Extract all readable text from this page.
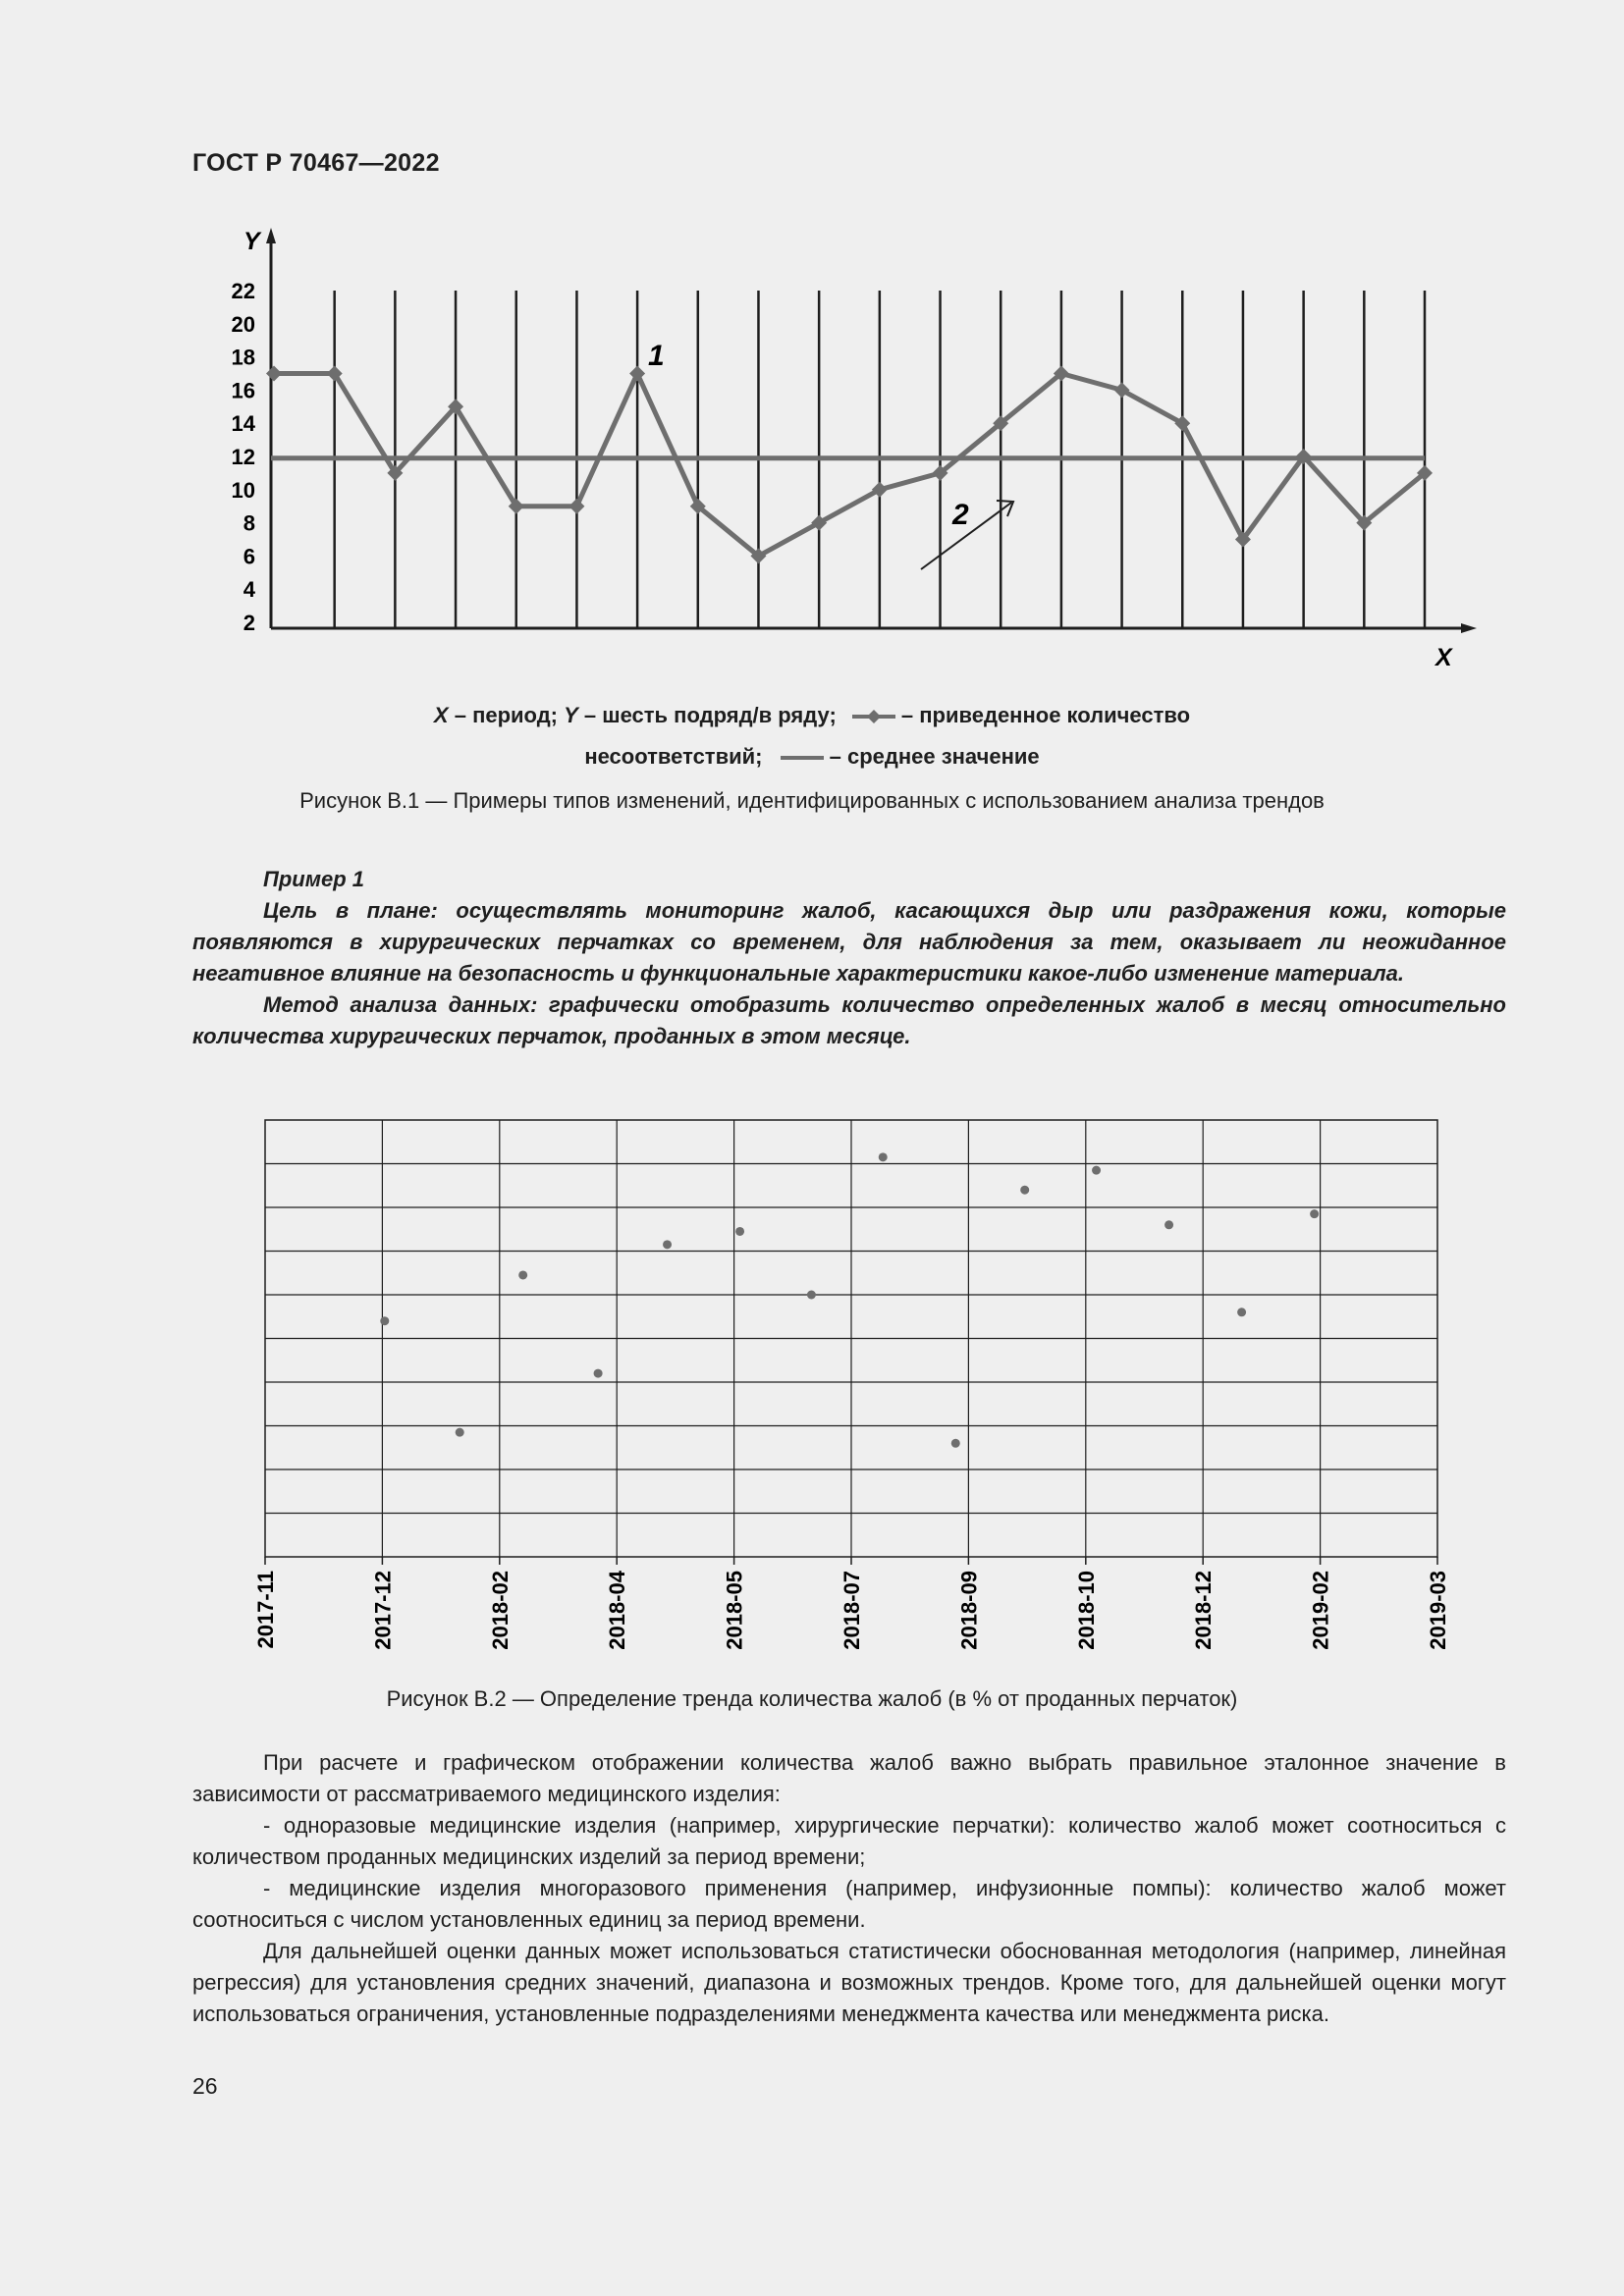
ГОСТ Р 70467—2022
Y
X
2
4
6
8
10
12
14
16
18
20
22
1
2
X – период; Y – шесть подряд/в ряду;	– приведенное количество
несоответствий;	– среднее значение
Рисунок В.1 — Примеры типов изменений, идентифицированных с использованием анализа трендов

Пример 1

Цель в плане: осуществлять мониторинг жалоб, касающихся дыр или раздражения кожи, которые появляются в хирургических перчатках со временем, для наблюдения за тем, оказывает ли неожиданное негативное влияние на безопасность и функциональные характеристики какое-либо изменение материала.

Метод анализа данных: графически отобразить количество определенных жалоб в месяц относительно количества хирургических перчаток, проданных в этом месяце.

2017-11	2017-12	2018-02	2018-04	2018-05	2018-07	2018-09	2018-10	2018-12	2019-02	2019-03
Рисунок В.2 — Определение тренда количества жалоб (в % от проданных перчаток)

При расчете и графическом отображении количества жалоб важно выбрать правильное эталонное значение в зависимости от рассматриваемого медицинского изделия:

- одноразовые медицинские изделия (например, хирургические перчатки): количество жалоб может соотноситься с количеством проданных медицинских изделий за период времени;

- медицинские изделия многоразового применения (например, инфузионные помпы): количество жалоб может соотноситься с числом установленных единиц за период времени.

Для дальнейшей оценки данных может использоваться статистически обоснованная методология (например, линейная регрессия) для установления средних значений, диапазона и возможных трендов. Кроме того, для дальнейшей оценки могут использоваться ограничения, установленные подразделениями менеджмента качества или менеджмента риска.

26
